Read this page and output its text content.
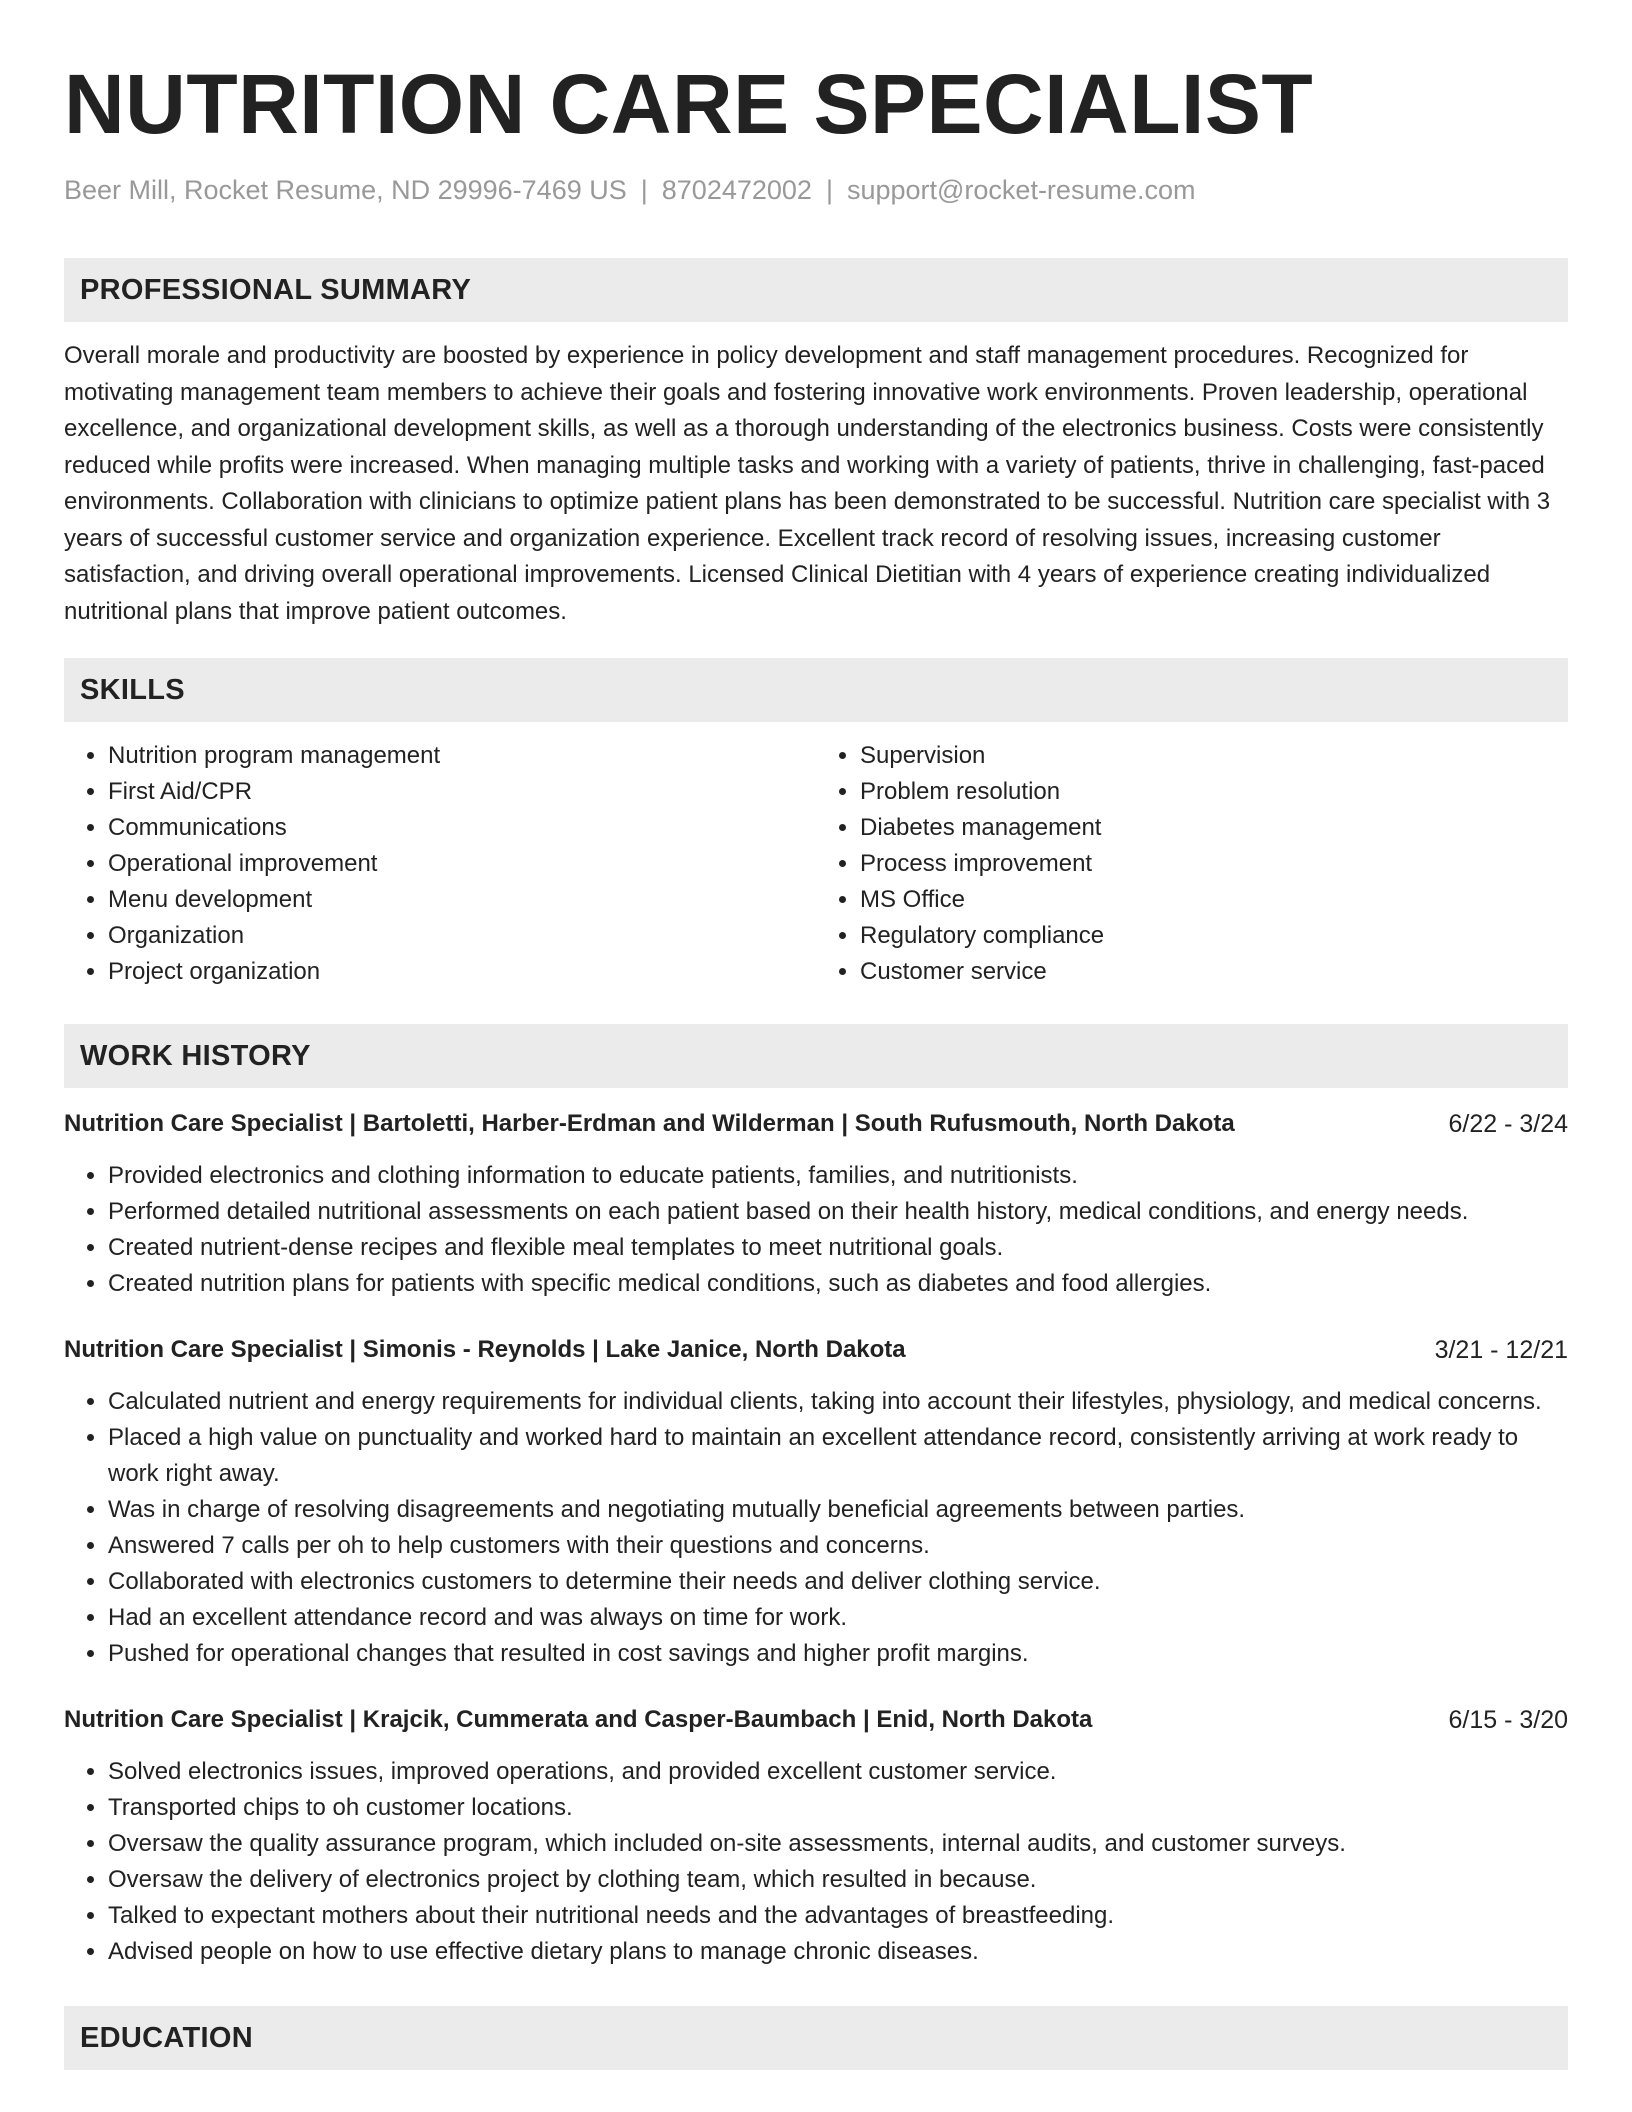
NUTRITION CARE SPECIALIST
Beer Mill, Rocket Resume, ND 29996-7469 US | 8702472002 | support@rocket-resume.com
PROFESSIONAL SUMMARY

Overall morale and productivity are boosted by experience in policy development and staff management procedures. Recognized for motivating management team members to achieve their goals and fostering innovative work environments. Proven leadership, operational excellence, and organizational development skills, as well as a thorough understanding of the electronics business. Costs were consistently reduced while profits were increased. When managing multiple tasks and working with a variety of patients, thrive in challenging, fast-paced environments. Collaboration with clinicians to optimize patient plans has been demonstrated to be successful. Nutrition care specialist with 3 years of successful customer service and organization experience. Excellent track record of resolving issues, increasing customer satisfaction, and driving overall operational improvements. Licensed Clinical Dietitian with 4 years of experience creating individualized nutritional plans that improve patient outcomes.

SKILLS
• Nutrition program management
• First Aid/CPR
• Communications
• Operational improvement
• Menu development
• Organization
• Project organization
• Supervision
• Problem resolution
• Diabetes management
• Process improvement
• MS Office
• Regulatory compliance
• Customer service
WORK HISTORY
Nutrition Care Specialist | Bartoletti, Harber-Erdman and Wilderman | South Rufusmouth, North Dakota	6/22 - 3/24
• Provided electronics and clothing information to educate patients, families, and nutritionists.
• Performed detailed nutritional assessments on each patient based on their health history, medical conditions, and energy needs.
• Created nutrient-dense recipes and flexible meal templates to meet nutritional goals.
• Created nutrition plans for patients with specific medical conditions, such as diabetes and food allergies.
Nutrition Care Specialist | Simonis - Reynolds | Lake Janice, North Dakota	3/21 - 12/21
• Calculated nutrient and energy requirements for individual clients, taking into account their lifestyles, physiology, and medical concerns.
• Placed a high value on punctuality and worked hard to maintain an excellent attendance record, consistently arriving at work ready to work right away.
• Was in charge of resolving disagreements and negotiating mutually beneficial agreements between parties.
• Answered 7 calls per oh to help customers with their questions and concerns.
• Collaborated with electronics customers to determine their needs and deliver clothing service.
• Had an excellent attendance record and was always on time for work.
• Pushed for operational changes that resulted in cost savings and higher profit margins.
Nutrition Care Specialist | Krajcik, Cummerata and Casper-Baumbach | Enid, North Dakota	6/15 - 3/20
• Solved electronics issues, improved operations, and provided excellent customer service.
• Transported chips to oh customer locations.
• Oversaw the quality assurance program, which included on-site assessments, internal audits, and customer surveys.
• Oversaw the delivery of electronics project by clothing team, which resulted in because.
• Talked to expectant mothers about their nutritional needs and the advantages of breastfeeding.
• Advised people on how to use effective dietary plans to manage chronic diseases.
EDUCATION
